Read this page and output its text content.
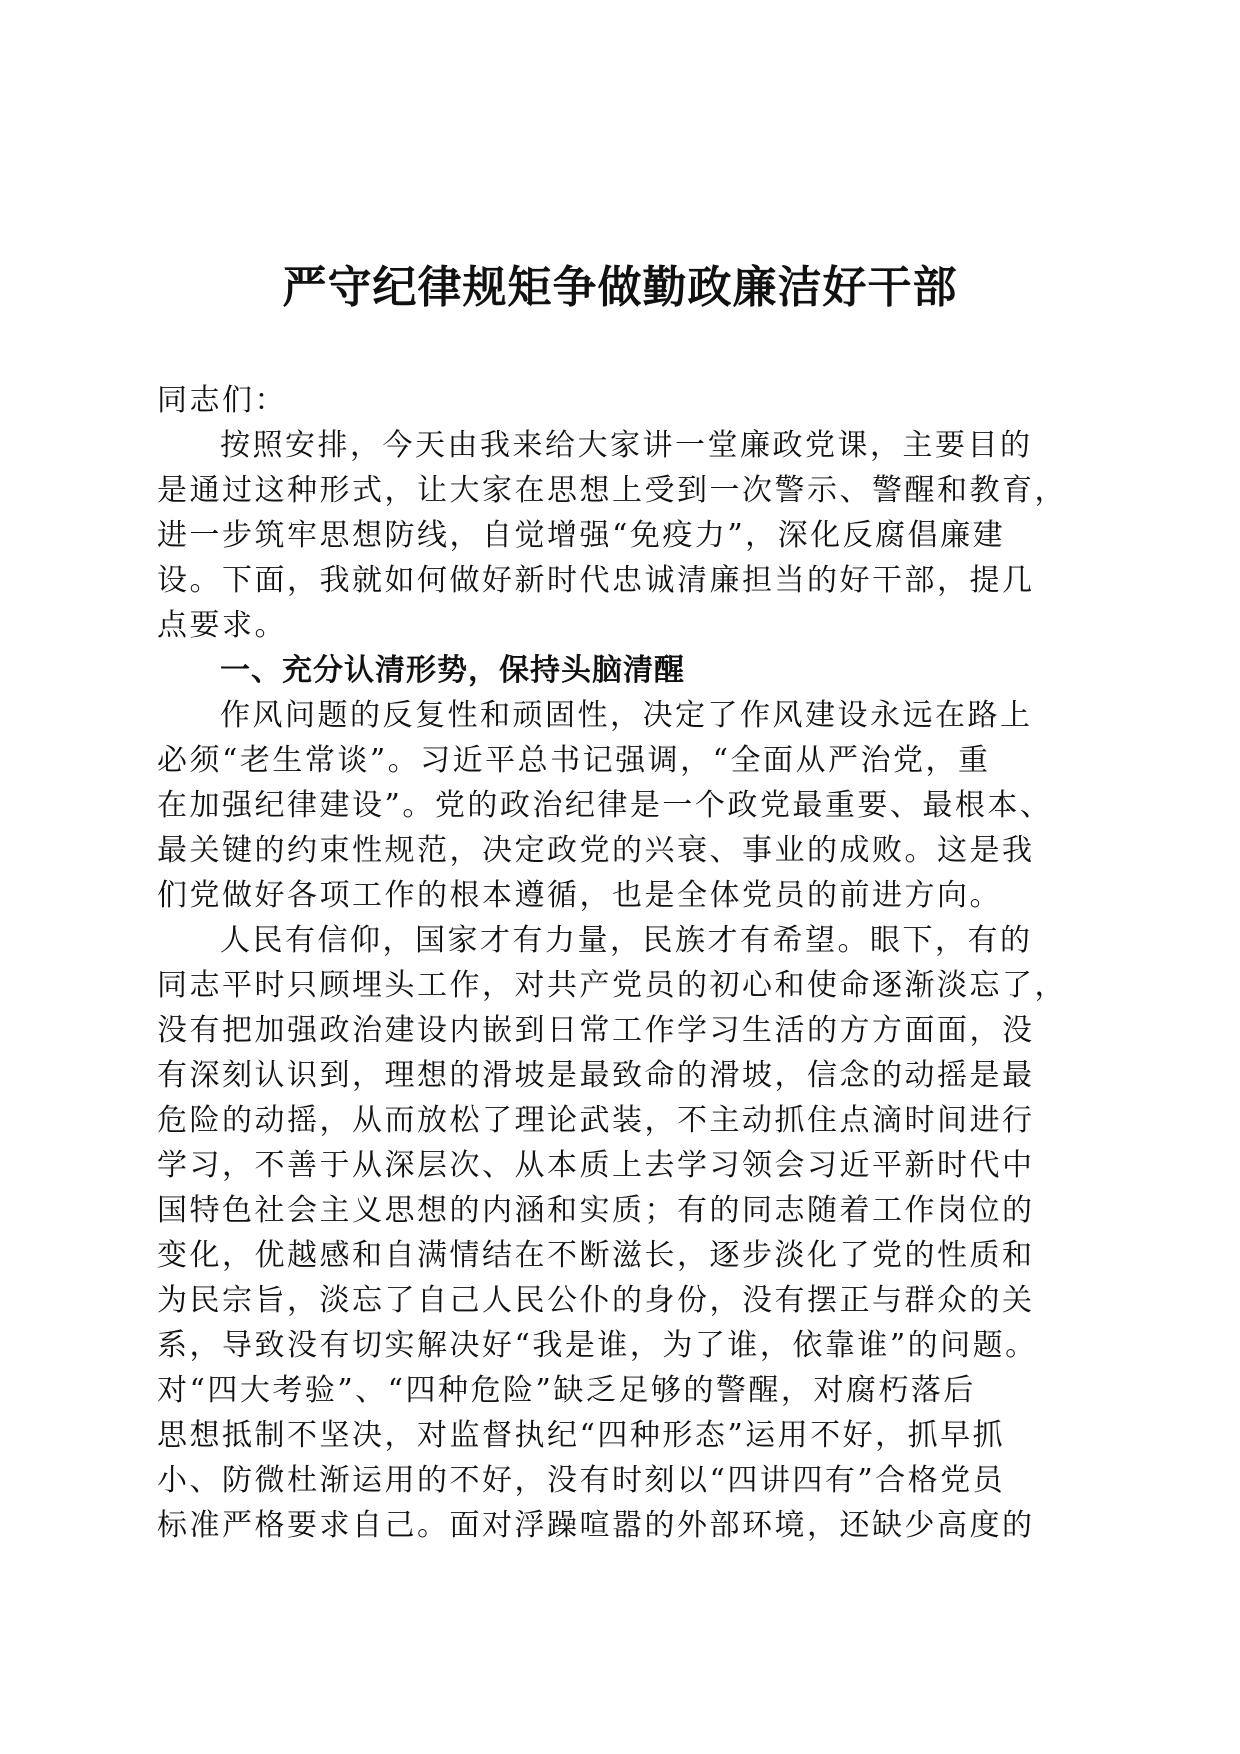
严守纪律规矩争做勤政廉洁好干部
同志们：
按照安排，今天由我来给大家讲一堂廉政党课，主要目的
是通过这种形式，让大家在思想上受到一次警示、警醒和教育，
进一步筑牢思想防线，自觉增强“免疫力”，深化反腐倡廉建
设。下面，我就如何做好新时代忠诚清廉担当的好干部，提几
点要求。
一、充分认清形势，保持头脑清醒
作风问题的反复性和顽固性，决定了作风建设永远在路上
必须“老生常谈”。习近平总书记强调，“全面从严治党，重
在加强纪律建设”。党的政治纪律是一个政党最重要、最根本、
最关键的约束性规范，决定政党的兴衰、事业的成败。这是我
们党做好各项工作的根本遵循，也是全体党员的前进方向。
人民有信仰，国家才有力量，民族才有希望。眼下，有的
同志平时只顾埋头工作，对共产党员的初心和使命逐渐淡忘了，
没有把加强政治建设内嵌到日常工作学习生活的方方面面，没
有深刻认识到，理想的滑坡是最致命的滑坡，信念的动摇是最
危险的动摇，从而放松了理论武装，不主动抓住点滴时间进行
学习，不善于从深层次、从本质上去学习领会习近平新时代中
国特色社会主义思想的内涵和实质；有的同志随着工作岗位的
变化，优越感和自满情结在不断滋长，逐步淡化了党的性质和
为民宗旨，淡忘了自己人民公仆的身份，没有摆正与群众的关
系，导致没有切实解决好“我是谁，为了谁，依靠谁”的问题。
对“四大考验”、“四种危险”缺乏足够的警醒，对腐朽落后
思想抵制不坚决，对监督执纪“四种形态”运用不好，抓早抓
小、防微杜渐运用的不好，没有时刻以“四讲四有”合格党员
标准严格要求自己。面对浮躁喧嚣的外部环境，还缺少高度的
